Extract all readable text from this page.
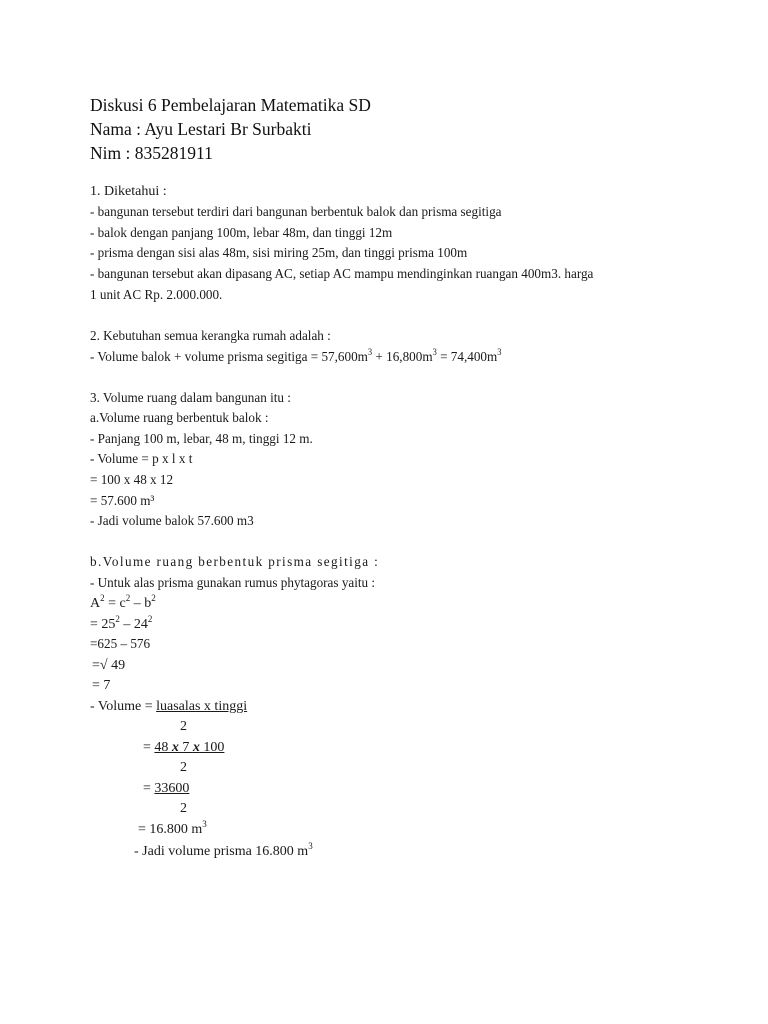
Diskusi 6 Pembelajaran Matematika SD
Nama : Ayu Lestari Br Surbakti
Nim : 835281911
1. Diketahui :
- bangunan tersebut terdiri dari bangunan berbentuk balok dan prisma segitiga
- balok dengan panjang 100m, lebar 48m, dan tinggi 12m
- prisma dengan sisi alas 48m, sisi miring 25m, dan tinggi prisma 100m
- bangunan tersebut akan dipasang AC, setiap AC mampu mendinginkan ruangan 400m3. harga
1 unit AC Rp. 2.000.000.
2. Kebutuhan semua kerangka rumah adalah :
- Volume balok + volume prisma segitiga = $57,600m^3 + 16,800m^3 = 74,400m^3$
3. Volume ruang dalam bangunan itu :
a.Volume ruang berbentuk balok :
- Panjang 100 m, lebar, 48 m, tinggi 12 m.
- Volume = p x l x t
= 100 x 48 x 12
= 57.600 m³
- Jadi volume balok 57.600 m3
b.Volume ruang berbentuk prisma segitiga :
- Untuk alas prisma gunakan rumus phytagoras yaitu :
$A^2 = c^2 - b^2$
= $25^2 - 24^2$
=625 – 576
=√ 49
= 7
- Volume = luasalas x tinggi
2
= 48 x 7 x 100
2
= 33600
2
= 16.800 $m^3$
- Jadi volume prisma 16.800 $m^3$
